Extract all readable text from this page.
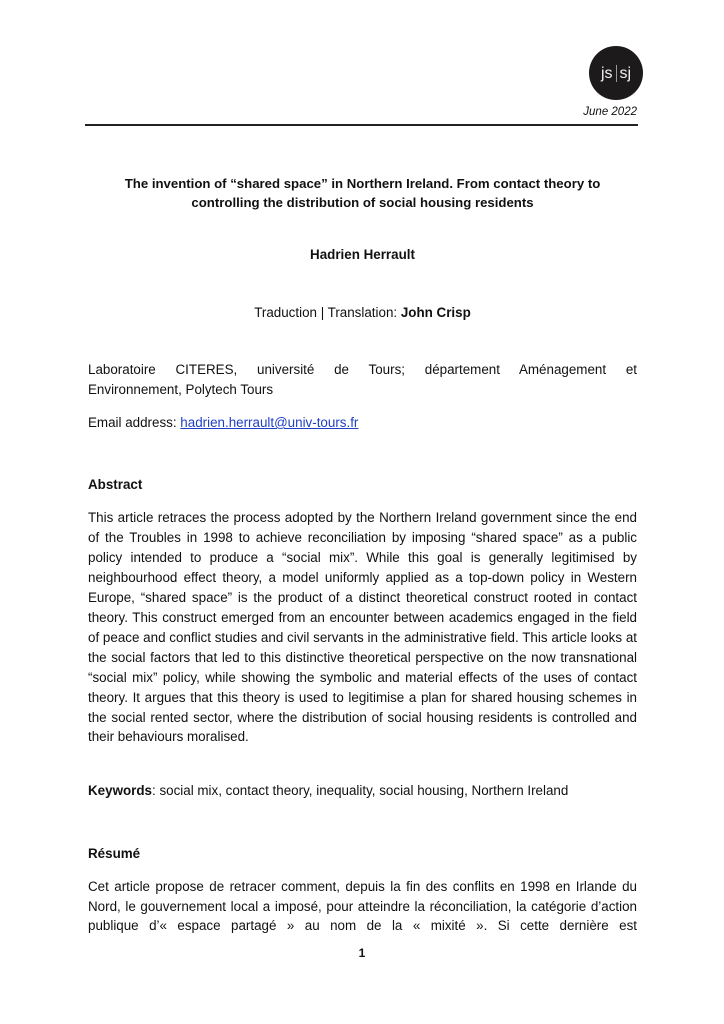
js sj
June 2022
The invention of “shared space” in Northern Ireland. From contact theory to controlling the distribution of social housing residents
Hadrien Herrault
Traduction | Translation: John Crisp
Laboratoire CITERES, université de Tours; département Aménagement et
Environnement, Polytech Tours
Email address: hadrien.herrault@univ-tours.fr
Abstract
This article retraces the process adopted by the Northern Ireland government since the end of the Troubles in 1998 to achieve reconciliation by imposing “shared space” as a public policy intended to produce a “social mix”. While this goal is generally legitimised by neighbourhood effect theory, a model uniformly applied as a top-down policy in Western Europe, “shared space” is the product of a distinct theoretical construct rooted in contact theory. This construct emerged from an encounter between academics engaged in the field of peace and conflict studies and civil servants in the administrative field. This article looks at the social factors that led to this distinctive theoretical perspective on the now transnational “social mix” policy, while showing the symbolic and material effects of the uses of contact theory. It argues that this theory is used to legitimise a plan for shared housing schemes in the social rented sector, where the distribution of social housing residents is controlled and their behaviours moralised.
Keywords: social mix, contact theory, inequality, social housing, Northern Ireland
Résumé
Cet article propose de retracer comment, depuis la fin des conflits en 1998 en Irlande du Nord, le gouvernement local a imposé, pour atteindre la réconciliation, la catégorie d’action publique d’« espace partagé » au nom de la « mixité ». Si cette dernière est
1
